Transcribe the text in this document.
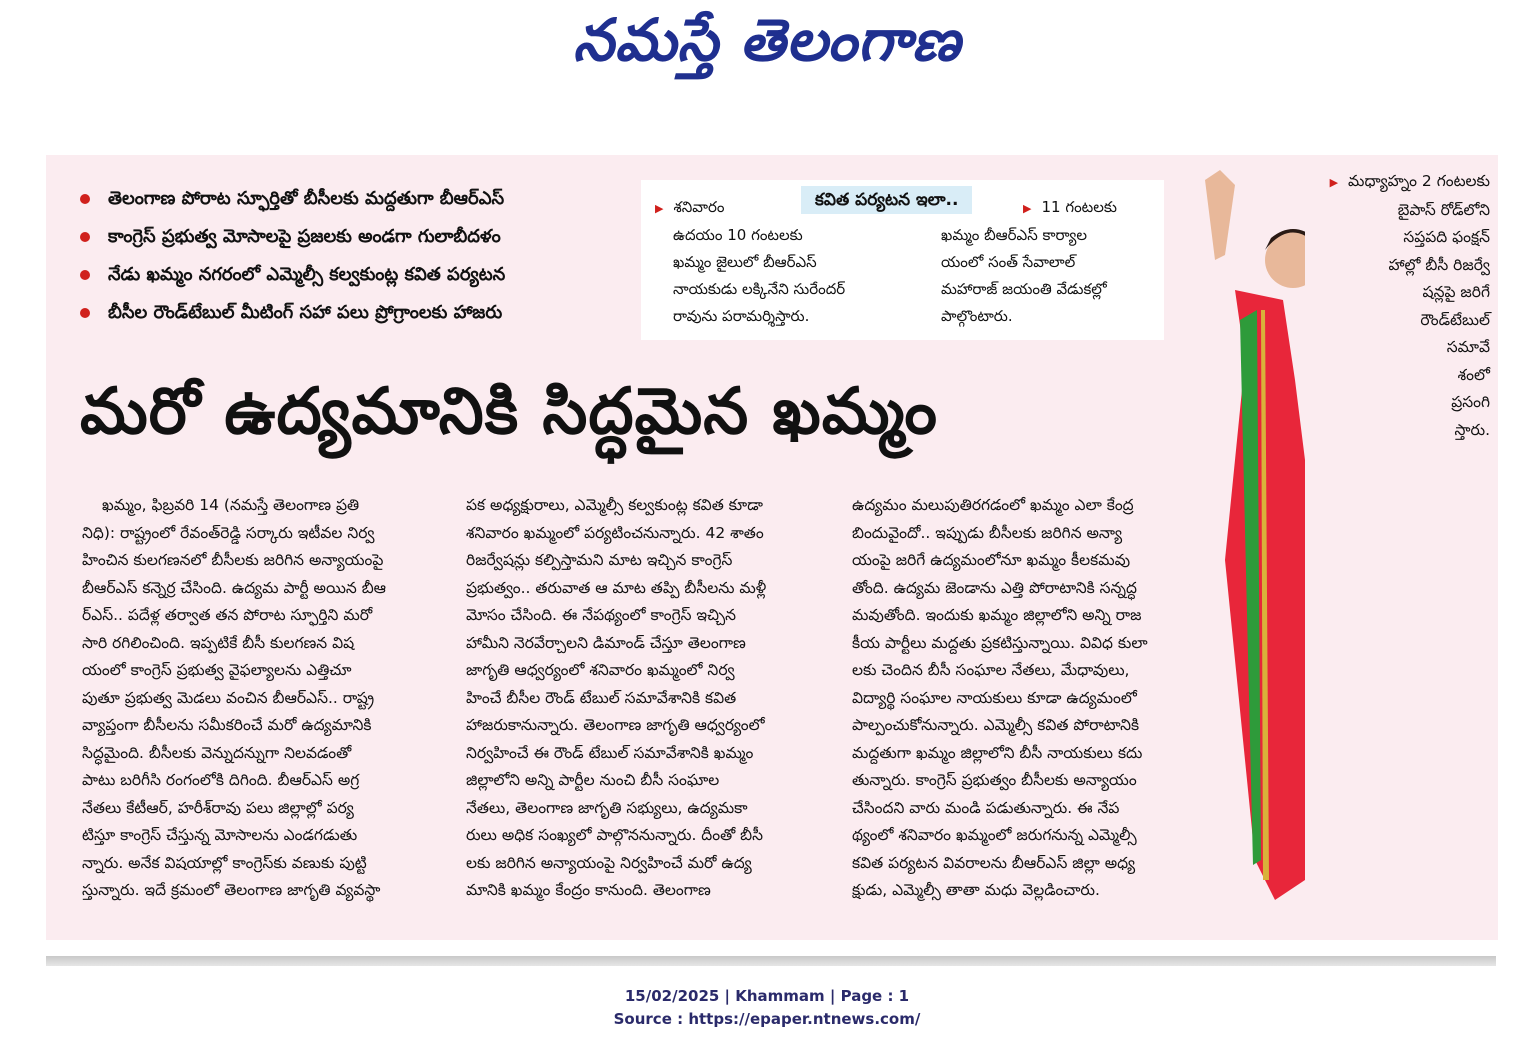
నమస్తే తెలంగాణ
తెలంగాణ పోరాట స్ఫూర్తితో బీసీలకు మద్దతుగా బీఆర్‌ఎస్‌
కాంగ్రెస్‌ ప్రభుత్వ మోసాలపై ప్రజలకు అండగా గులాబీదళం
నేడు ఖమ్మం నగరంలో ఎమ్మెల్సీ కల్వకుంట్ల కవిత పర్యటన
బీసీల రౌండ్‌టేబుల్‌ మీటింగ్‌ సహా పలు ప్రోగ్రాంలకు హాజరు
కవిత పర్యటన ఇలా..
▶ శనివారం
ఉదయం 10 గంటలకు
ఖమ్మం జైలులో బీఆర్‌ఎస్‌
నాయకుడు లక్కినేని సురేందర్‌
రావును పరామర్శిస్తారు.
▶ 11 గంటలకు
ఖమ్మం బీఆర్‌ఎస్‌ కార్యాల
యంలో సంత్‌ సేవాలాల్‌
మహారాజ్‌ జయంతి వేడుకల్లో
పాల్గొంటారు.
▶ మధ్యాహ్నం 2 గంటలకు
బైపాస్‌ రోడ్‌లోని
సప్తపది ఫంక్షన్‌
హాల్లో బీసీ రిజర్వే
షన్లపై జరిగే
రౌండ్‌టేబుల్‌
సమావే
శంలో
ప్రసంగి
స్తారు.
మరో ఉద్యమానికి సిద్ధమైన ఖమ్మం
ఖమ్మం, ఫిబ్రవరి 14 (నమస్తే తెలంగాణ ప్రతి
నిధి): రాష్ట్రంలో రేవంత్‌రెడ్డి సర్కారు ఇటీవల నిర్వ
హించిన కులగణనలో బీసీలకు జరిగిన అన్యాయంపై
బీఆర్‌ఎస్‌ కన్నెర్ర చేసింది. ఉద్యమ పార్టీ అయిన బీఆ
ర్‌ఎస్‌.. పదేళ్ల తర్వాత తన పోరాట స్ఫూర్తిని మరో
సారి రగిలించింది. ఇప్పటికే బీసీ కులగణన విష
యంలో కాంగ్రెస్‌ ప్రభుత్వ వైఫల్యాలను ఎత్తిచూ
పుతూ ప్రభుత్వ మెడలు వంచిన బీఆర్‌ఎస్‌.. రాష్ట్ర
వ్యాప్తంగా బీసీలను సమీకరించే మరో ఉద్యమానికి
సిద్ధమైంది. బీసీలకు వెన్నుదన్నుగా నిలవడంతో
పాటు బరిగీసి రంగంలోకి దిగింది. బీఆర్‌ఎస్‌ అగ్ర
నేతలు కేటీఆర్‌, హరీశ్‌రావు పలు జిల్లాల్లో పర్య
టిస్తూ కాంగ్రెస్‌ చేస్తున్న మోసాలను ఎండగడుతు
న్నారు. అనేక విషయాల్లో కాంగ్రెస్‌కు వణుకు పుట్టి
స్తున్నారు. ఇదే క్రమంలో తెలంగాణ జాగృతి వ్యవస్థా
పక అధ్యక్షురాలు, ఎమ్మెల్సీ కల్వకుంట్ల కవిత కూడా
శనివారం ఖమ్మంలో పర్యటించనున్నారు. 42 శాతం
రిజర్వేషన్లు కల్పిస్తామని మాట ఇచ్చిన కాంగ్రెస్‌
ప్రభుత్వం.. తరువాత ఆ మాట తప్పి బీసీలను మళ్లీ
మోసం చేసింది. ఈ నేపథ్యంలో కాంగ్రెస్‌ ఇచ్చిన
హామీని నెరవేర్చాలని డిమాండ్‌ చేస్తూ తెలంగాణ
జాగృతి ఆధ్వర్యంలో శనివారం ఖమ్మంలో నిర్వ
హించే బీసీల రౌండ్‌ టేబుల్‌ సమావేశానికి కవిత
హాజరుకానున్నారు. తెలంగాణ జాగృతి ఆధ్వర్యంలో
నిర్వహించే ఈ రౌండ్‌ టేబుల్‌ సమావేశానికి ఖమ్మం
జిల్లాలోని అన్ని పార్టీల నుంచి బీసీ సంఘాల
నేతలు, తెలంగాణ జాగృతి సభ్యులు, ఉద్యమకా
రులు అధిక సంఖ్యలో పాల్గొననున్నారు. దీంతో బీసీ
లకు జరిగిన అన్యాయంపై నిర్వహించే మరో ఉద్య
మానికి ఖమ్మం కేంద్రం కానుంది. తెలంగాణ
ఉద్యమం మలుపుతిరగడంలో ఖమ్మం ఎలా కేంద్ర
బిందువైందో.. ఇప్పుడు బీసీలకు జరిగిన అన్యా
యంపై జరిగే ఉద్యమంలోనూ ఖమ్మం కీలకమవు
తోంది. ఉద్యమ జెండాను ఎత్తి పోరాటానికి సన్నద్ధ
మవుతోంది. ఇందుకు ఖమ్మం జిల్లాలోని అన్ని రాజ
కీయ పార్టీలు మద్దతు ప్రకటిస్తున్నాయి. వివిధ కులా
లకు చెందిన బీసీ సంఘాల నేతలు, మేధావులు,
విద్యార్థి సంఘాల నాయకులు కూడా ఉద్యమంలో
పాల్పంచుకోనున్నారు. ఎమ్మెల్సీ కవిత పోరాటానికి
మద్దతుగా ఖమ్మం జిల్లాలోని బీసీ నాయకులు కదు
తున్నారు. కాంగ్రెస్‌ ప్రభుత్వం బీసీలకు అన్యాయం
చేసిందని వారు మండి పడుతున్నారు. ఈ నేప
థ్యంలో శనివారం ఖమ్మంలో జరుగనున్న ఎమ్మెల్సీ
కవిత పర్యటన వివరాలను బీఆర్‌ఎస్‌ జిల్లా అధ్య
క్షుడు, ఎమ్మెల్సీ తాతా మధు వెల్లడించారు.
15/02/2025 | Khammam | Page : 1
Source : https://epaper.ntnews.com/
